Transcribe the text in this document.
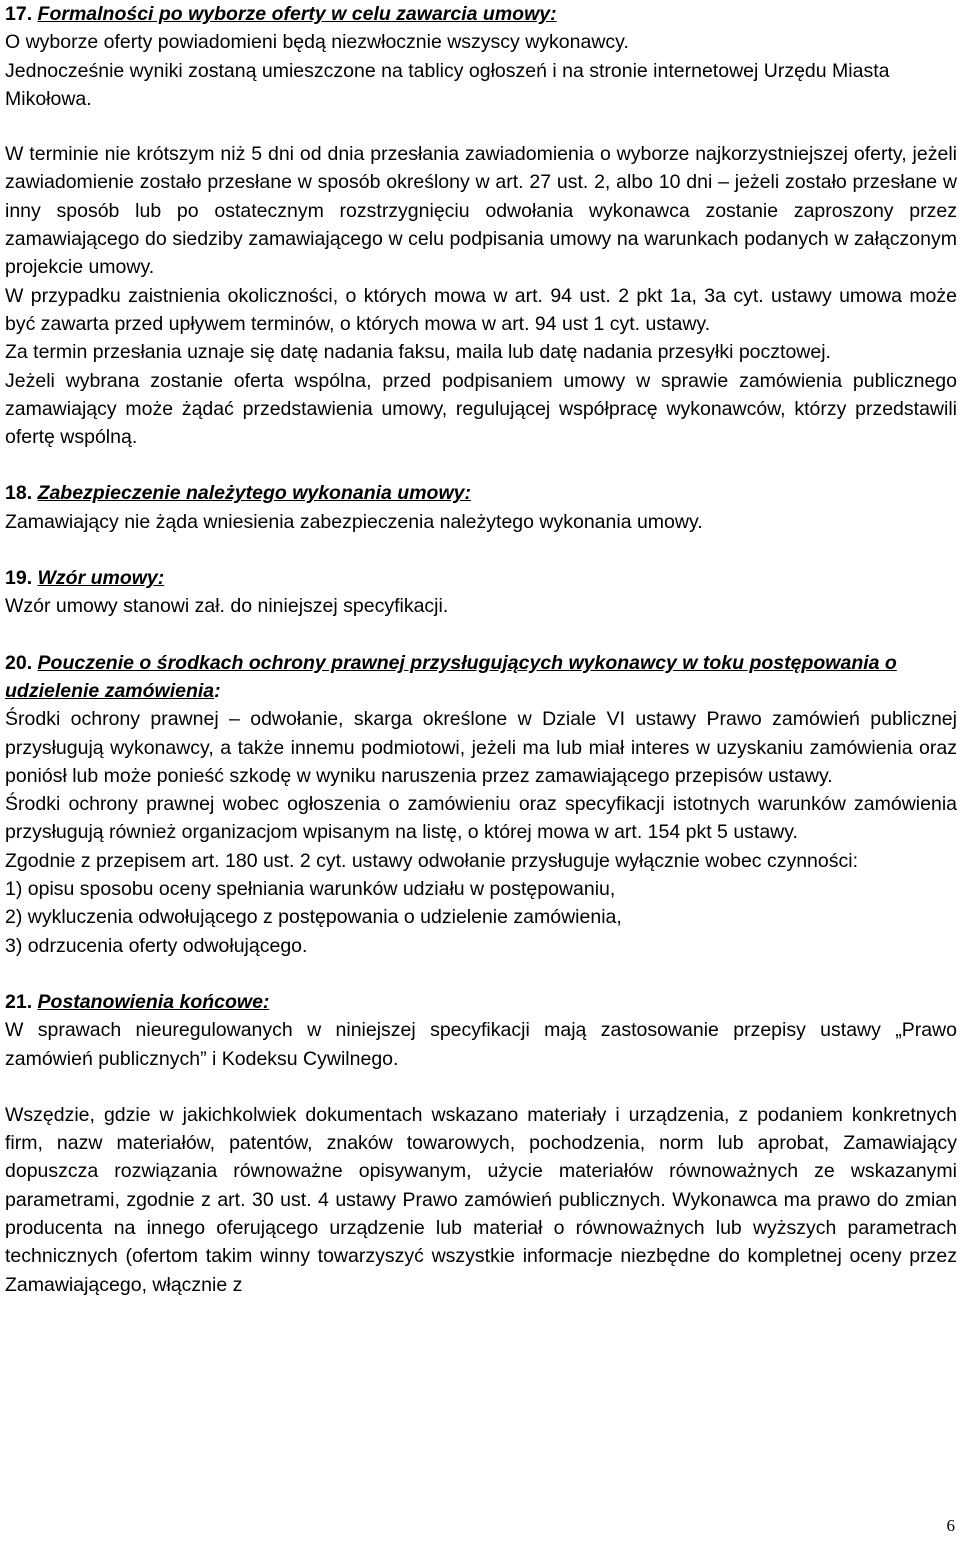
17. Formalności po wyborze oferty w celu zawarcia umowy:

O wyborze oferty powiadomieni będą niezwłocznie wszyscy wykonawcy.

Jednocześnie wyniki zostaną umieszczone na tablicy ogłoszeń i na stronie internetowej Urzędu Miasta Mikołowa.

W terminie nie krótszym niż 5 dni od dnia przesłania zawiadomienia o wyborze najkorzystniejszej oferty, jeżeli zawiadomienie zostało przesłane w sposób określony w art. 27 ust. 2, albo 10 dni – jeżeli zostało przesłane w inny sposób lub po ostatecznym rozstrzygnięciu odwołania wykonawca zostanie zaproszony przez zamawiającego do siedziby zamawiającego w celu podpisania umowy na warunkach podanych w załączonym projekcie umowy.

W przypadku zaistnienia okoliczności, o których mowa w art. 94 ust. 2 pkt 1a, 3a cyt. ustawy umowa może być zawarta przed upływem terminów, o których mowa w art. 94 ust 1 cyt. ustawy.

Za termin przesłania uznaje się datę nadania faksu, maila lub datę nadania przesyłki pocztowej.

Jeżeli wybrana zostanie oferta wspólna, przed podpisaniem umowy w sprawie zamówienia publicznego zamawiający może żądać przedstawienia umowy, regulującej współpracę wykonawców, którzy przedstawili ofertę wspólną.

18. Zabezpieczenie należytego wykonania umowy:

Zamawiający nie żąda wniesienia zabezpieczenia należytego wykonania umowy.

19. Wzór umowy:

Wzór umowy stanowi zał. do niniejszej specyfikacji.

20. Pouczenie o środkach ochrony prawnej przysługujących wykonawcy w toku postępowania o udzielenie zamówienia:

Środki ochrony prawnej – odwołanie, skarga określone w Dziale VI ustawy Prawo zamówień publicznej przysługują wykonawcy, a także innemu podmiotowi, jeżeli ma lub miał interes w uzyskaniu zamówienia oraz poniósł lub może ponieść szkodę w wyniku naruszenia przez zamawiającego przepisów ustawy.

Środki ochrony prawnej wobec ogłoszenia o zamówieniu oraz specyfikacji istotnych warunków zamówienia przysługują również organizacjom wpisanym na listę, o której mowa w art. 154 pkt 5 ustawy.

Zgodnie z przepisem art. 180 ust. 2 cyt. ustawy odwołanie przysługuje wyłącznie wobec czynności:

1) opisu sposobu oceny spełniania warunków udziału w postępowaniu,

2) wykluczenia odwołującego z postępowania o udzielenie zamówienia,

3) odrzucenia oferty odwołującego.

21. Postanowienia końcowe:

W sprawach nieuregulowanych w niniejszej specyfikacji mają zastosowanie przepisy ustawy „Prawo zamówień publicznych” i Kodeksu Cywilnego.

Wszędzie, gdzie w jakichkolwiek dokumentach wskazano materiały i urządzenia, z podaniem konkretnych firm, nazw materiałów, patentów, znaków towarowych, pochodzenia, norm lub aprobat, Zamawiający dopuszcza rozwiązania równoważne opisywanym, użycie materiałów równoważnych ze wskazanymi parametrami, zgodnie z art. 30 ust. 4 ustawy Prawo zamówień publicznych. Wykonawca ma prawo do zmian producenta na innego oferującego urządzenie lub materiał o równoważnych lub wyższych parametrach technicznych (ofertom takim winny towarzyszyć wszystkie informacje niezbędne do kompletnej oceny przez Zamawiającego, włącznie z

6
